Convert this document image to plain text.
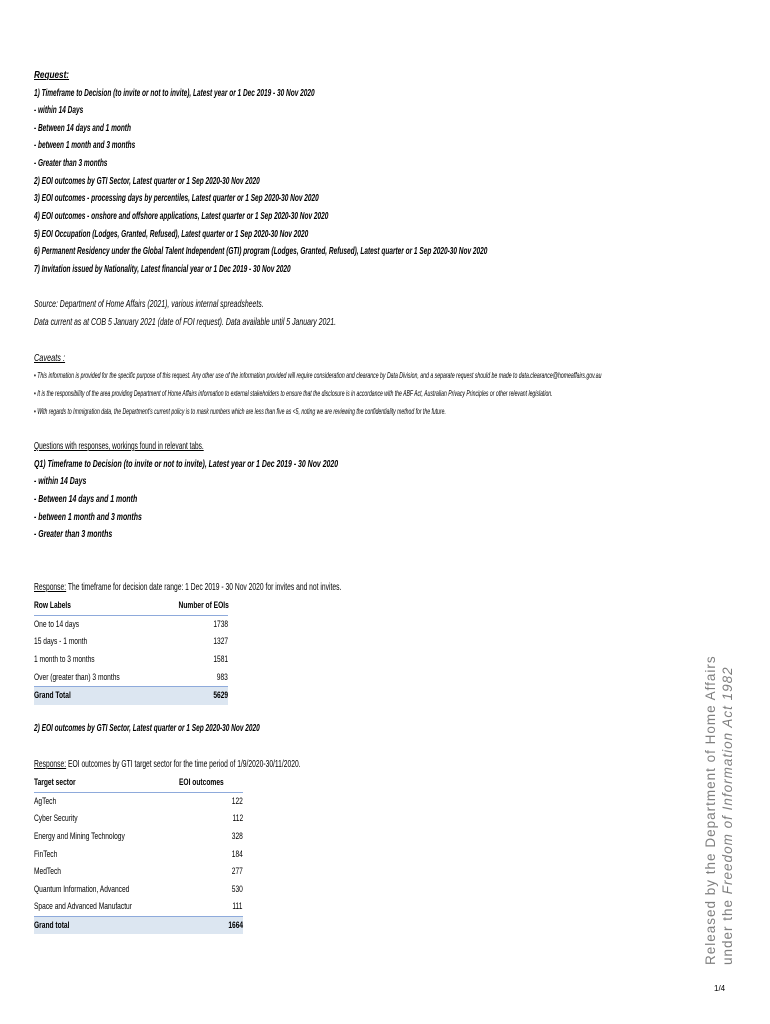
Request:
1) Timeframe to Decision (to invite or not to invite), Latest year or 1 Dec 2019 - 30 Nov 2020
- within 14 Days
- Between 14 days and 1 month
- between 1 month and 3 months
- Greater than 3 months
2) EOI outcomes by GTI Sector, Latest quarter or 1 Sep 2020-30 Nov 2020
3) EOI outcomes - processing days by percentiles, Latest quarter or 1 Sep 2020-30 Nov 2020
4) EOI outcomes - onshore and offshore applications, Latest quarter or 1 Sep 2020-30 Nov 2020
5) EOI Occupation (Lodges, Granted, Refused), Latest quarter or 1 Sep 2020-30 Nov 2020
6) Permanent Residency under the Global Talent Independent (GTI) program (Lodges, Granted, Refused), Latest quarter or 1 Sep 2020-30 Nov 2020
7) Invitation issued by Nationality, Latest financial year or 1 Dec 2019 - 30 Nov 2020
Source: Department of Home Affairs (2021), various internal spreadsheets.
Data current as at COB 5 January 2021 (date of FOI request). Data available until 5 January 2021.
Caveats :
• This information is provided for the specific purpose of this request. Any other use of the information provided will require consideration and clearance by Data Division, and a separate request should be made to data.clearance@homeaffairs.gov.au
• It is the responsibility of the area providing Department of Home Affairs information to external stakeholders to ensure that the disclosure is in accordance with the ABF Act, Australian Privacy Principles or other relevant legislation.
• With regards to Immigration data, the Department's current policy is to mask numbers which are less than five as <5, noting we are reviewing the confidentiality method for the future.
Questions with responses, workings found in relevant tabs.
Q1) Timeframe to Decision (to invite or not to invite), Latest year or 1 Dec 2019 - 30 Nov 2020
- within 14 Days
- Between 14 days and 1 month
- between 1 month and 3 months
- Greater than 3 months
Response: The timeframe for decision date range: 1 Dec 2019 - 30 Nov 2020 for invites and not invites.
Row Labels	Number of EOIs
One to 14 days	1738
15 days - 1 month	1327
1 month to 3 months	1581
Over (greater than) 3 months	983
Grand Total	5629
2) EOI outcomes by GTI Sector, Latest quarter or 1 Sep 2020-30 Nov 2020
Response: EOI outcomes by GTI target sector for the time period of 1/9/2020-30/11/2020.
Target sector	EOI outcomes
AgTech	122
Cyber Security	112
Energy and Mining Technology	328
FinTech	184
MedTech	277
Quantum Information, Advanced	530
Space and Advanced Manufactur	111
Grand total	1664	Released by the Department of Home Affairs under the Freedom of Information Act 1982
1/4
